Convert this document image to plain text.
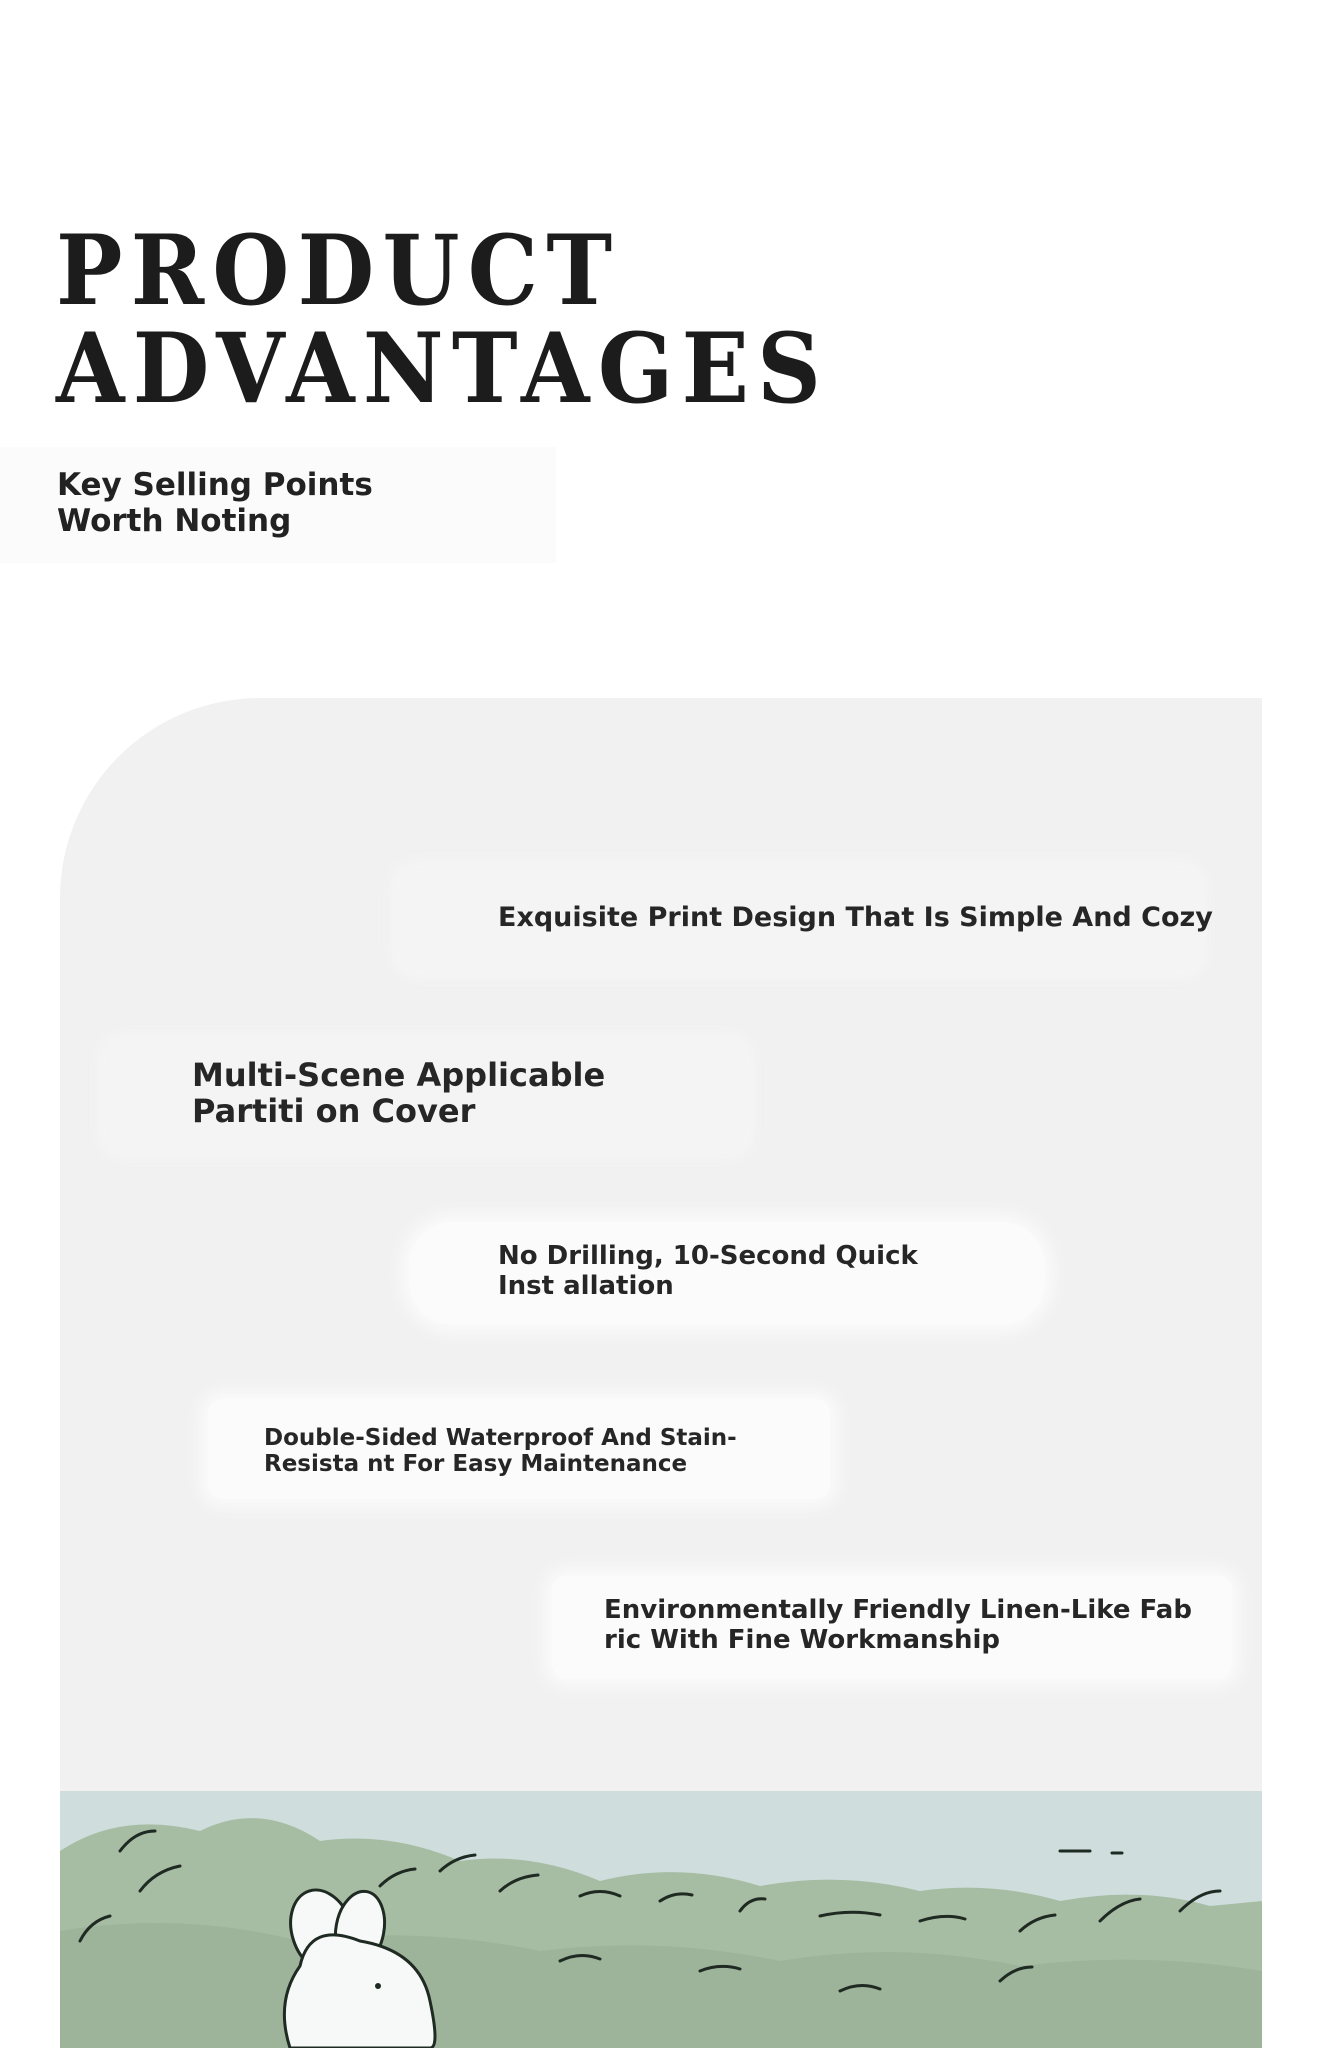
PRODUCT
ADVANTAGES

Key Selling Points Worth Noting

Exquisite Print Design That Is Simple And Cozy

Multi-Scene Applicable Partiti on Cover

No Drilling, 10-Second Quick Inst allation

Double-Sided Waterproof And Stain-Resista nt For Easy Maintenance

Environmentally Friendly Linen-Like Fab ric With Fine Workmanship
